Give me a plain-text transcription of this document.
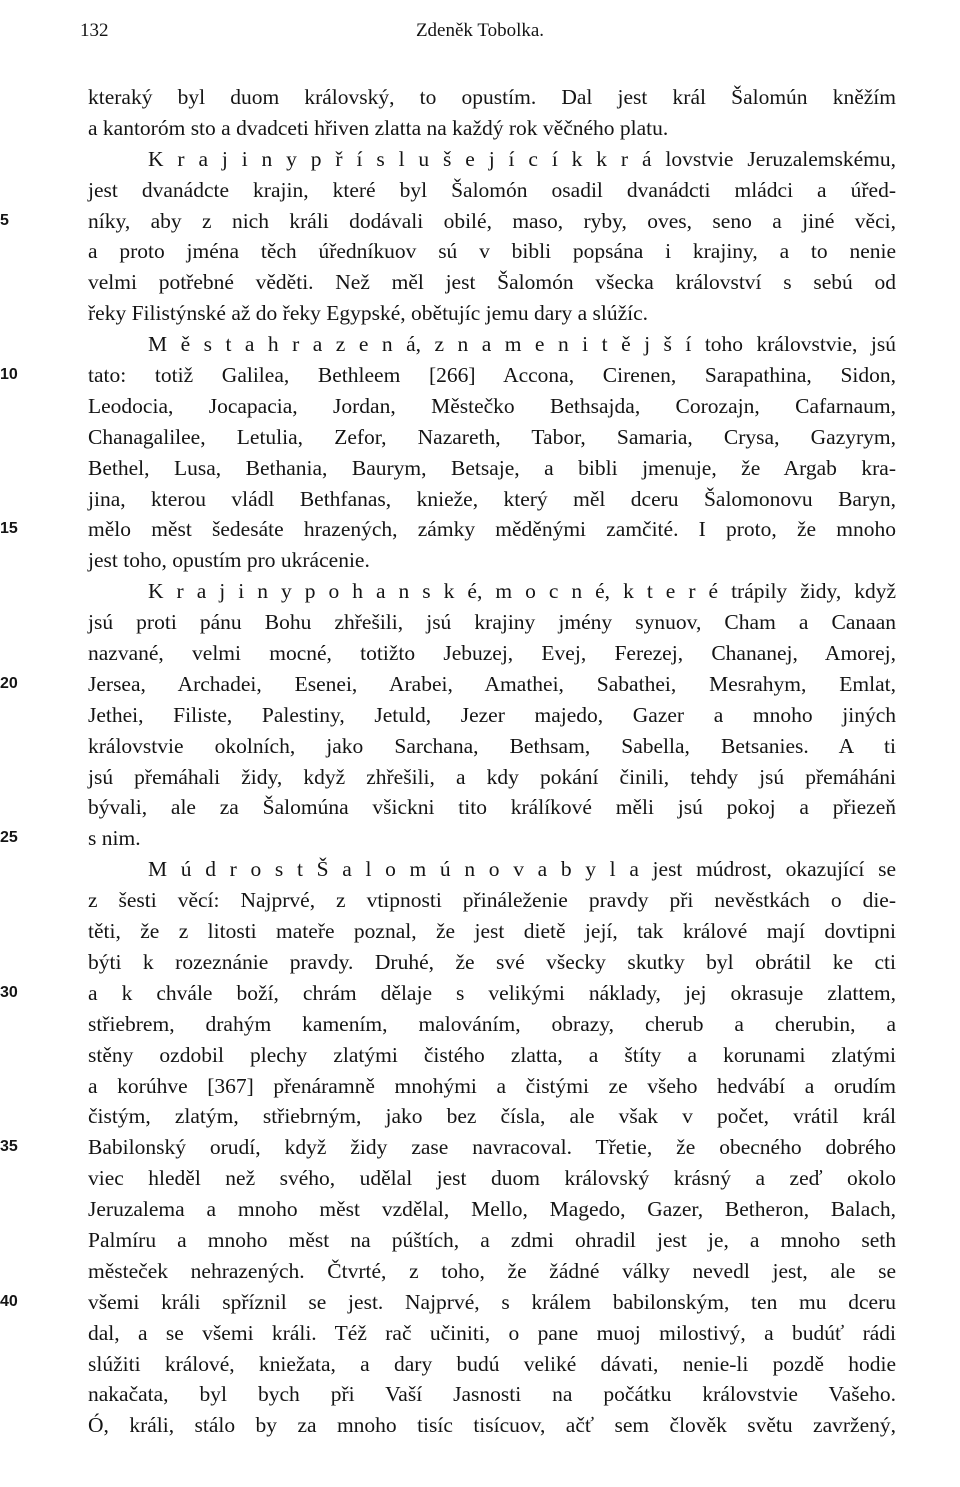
132	Zdeněk Tobolka.
kteraký byl duom královský, to opustím. Dal jest král Šalomún kněžím
a kantoróm sto a dvadceti hřiven zlatta na každý rok věčného platu.
K r a j i n y p ř í s l u š e j í c í k k r á lovstvie Jeruzalemskému,
jest dvanádcte krajin, které byl Šalomón osadil dvanádcti mládci a úřed-
5	níky, aby z nich králi dodávali obilé, maso, ryby, oves, seno a jiné věci,
a proto jména těch úředníkuov sú v bibli popsána i krajiny, a to nenie
velmi potřebné věděti. Než měl jest Šalomón všecka království s sebú od
řeky Filistýnské až do řeky Egypské, obětujíc jemu dary a slúžíc.
M ě s t a h r a z e n á, z n a m e n i t ě j š í toho královstvie, jsú
10	tato: totiž Galilea, Bethleem [266] Accona, Cirenen, Sarapathina, Sidon,
Leodocia, Jocapacia, Jordan, Městečko Bethsajda, Corozajn, Cafarnaum,
Chanagalilee, Letulia, Zefor, Nazareth, Tabor, Samaria, Crysa, Gazyrym,
Bethel, Lusa, Bethania, Baurym, Betsaje, a bibli jmenuje, že Argab kra-
jina, kterou vládl Bethfanas, knieže, který měl dceru Šalomonovu Baryn,
15	mělo měst šedesáte hrazených, zámky měděnými zamčité. I proto, že mnoho
jest toho, opustím pro ukrácenie.
K r a j i n y p o h a n s k é, m o c n é, k t e r é trápily židy, když
jsú proti pánu Bohu zhřešili, jsú krajiny jmény synuov, Cham a Canaan
nazvané, velmi mocné, totižto Jebuzej, Evej, Ferezej, Chananej, Amorej,
20	Jersea, Archadei, Esenei, Arabei, Amathei, Sabathei, Mesrahym, Emlat,
Jethei, Filiste, Palestiny, Jetuld, Jezer majedo, Gazer a mnoho jiných
královstvie okolních, jako Sarchana, Bethsam, Sabella, Betsanies. A ti
jsú přemáhali židy, když zhřešili, a kdy pokání činili, tehdy jsú přemáháni
bývali, ale za Šalomúna všickni tito králíkové měli jsú pokoj a přiezeň
25	s nim.
M ú d r o s t Š a l o m ú n o v a b y l a jest múdrost, okazující se
z šesti věcí: Najprvé, z vtipnosti přináleženie pravdy při nevěstkách o die-
těti, že z litosti mateře poznal, že jest dietě její, tak králové mají dovtipni
býti k rozeznánie pravdy. Druhé, že své všecky skutky byl obrátil ke cti
30	a k chvále boží, chrám dělaje s velikými náklady, jej okrasuje zlattem,
střiebrem, drahým kamením, malováním, obrazy, cherub a cherubin, a
stěny ozdobil plechy zlatými čistého zlatta, a štíty a korunami zlatými
a korúhve [367] přenáramně mnohými a čistými ze všeho hedvábí a orudím
čistým, zlatým, střiebrným, jako bez čísla, ale však v počet, vrátil král
35	Babilonský orudí, když židy zase navracoval. Třetie, že obecného dobrého
viec hleděl než svého, udělal jest duom královský krásný a zeď okolo
Jeruzalema a mnoho měst vzdělal, Mello, Magedo, Gazer, Betheron, Balach,
Palmíru a mnoho měst na púštích, a zdmi ohradil jest je, a mnoho seth
městeček nehrazených. Čtvrté, z toho, že žádné války nevedl jest, ale se
40	všemi králi spříznil se jest. Najprvé, s králem babilonským, ten mu dceru
dal, a se všemi králi. Též rač učiniti, o pane muoj milostivý, a budúť rádi
slúžiti králové, kniežata, a dary budú veliké dávati, nenie-li pozdě hodie
nakačata, byl bych při Vaší Jasnosti na počátku královstvie Vašeho.
Ó, králi, stálo by za mnoho tisíc tisícuov, ačť sem člověk světu zavržený,
